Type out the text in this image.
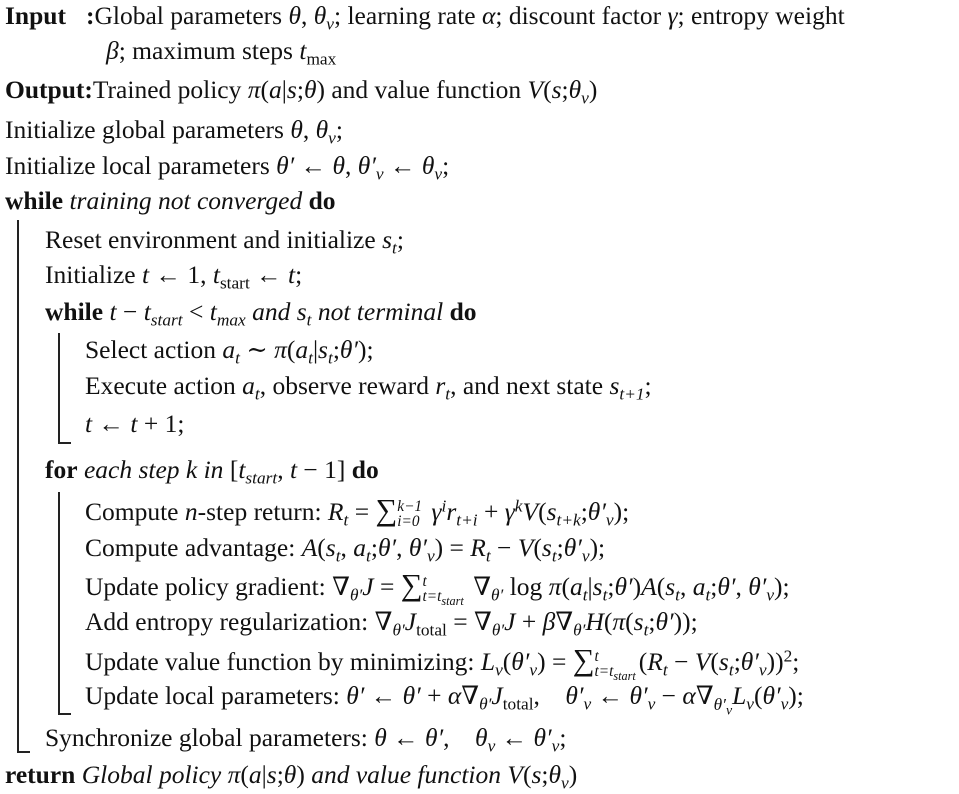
Input :Global parameters θ, $\theta_v$; learning rate α; discount factor γ; entropy weight
β; maximum steps $t_{max}$
Output:Trained policy π(a|s;θ) and value function $V(s;\theta_v)$
Initialize global parameters θ, $\theta_v$;
Initialize local parameters θ′ ← θ, $\theta'_v$ ← $\theta_v$;
while training not converged do
Reset environment and initialize $s_t$;
Initialize t ← 1, $t_{start}$ ← t;
while $t - t_{start} < t_{max}$ and $s_t$ not terminal do
Select action $a_t$ ∼ $\pi(a_t|s_t;\theta')$;
Execute action $a_t$, observe reward $r_t$, and next state $s_{t+1}$;
t ← t + 1;
for each step k in [$t_{start}$, t − 1] do
Compute n-step return: $R_t$ = ∑ k−1
i=0 $\gamma^ir_{t+i}$ + $\gamma^kV(s_{t+k};\theta'_v)$;
Compute advantage: $A(s_t$, $a_t;\theta'$, $\theta'_v) = R_t$ − $V(s_t;\theta'_v)$;
Update policy gradient: $\nabla_{\theta'}J$ = ∑ t
$t=t_{start}$
$\nabla_{\theta'}$ $\log \pi(a_t|s_t;\theta')A(s_t$, $a_t;\theta'$, $\theta'_v$);
Add entropy regularization: $\nabla_{\theta'}J_{total} = \nabla_{\theta'}J$ + $\beta\nabla_{\theta'}H(\pi(s_t;\theta'))$;
Update value function by minimizing: $L_v(\theta'_v)$ = ∑ t
$t=t_{start}$
($R_t$ − $V(s_t;\theta'_v))^2$;
Update local parameters: θ′ ← $\theta' + \alpha\nabla_{\theta'}J_{total}$,    $\theta'_v$ ← $\theta'_v - \alpha\nabla_{\theta'_v}L_v(\theta'_v)$;
Synchronize global parameters: θ ← θ′,    $\theta_v$ ← $\theta'_v$;
return Global policy π(a|s;θ) and value function $V(s;\theta_v)$
